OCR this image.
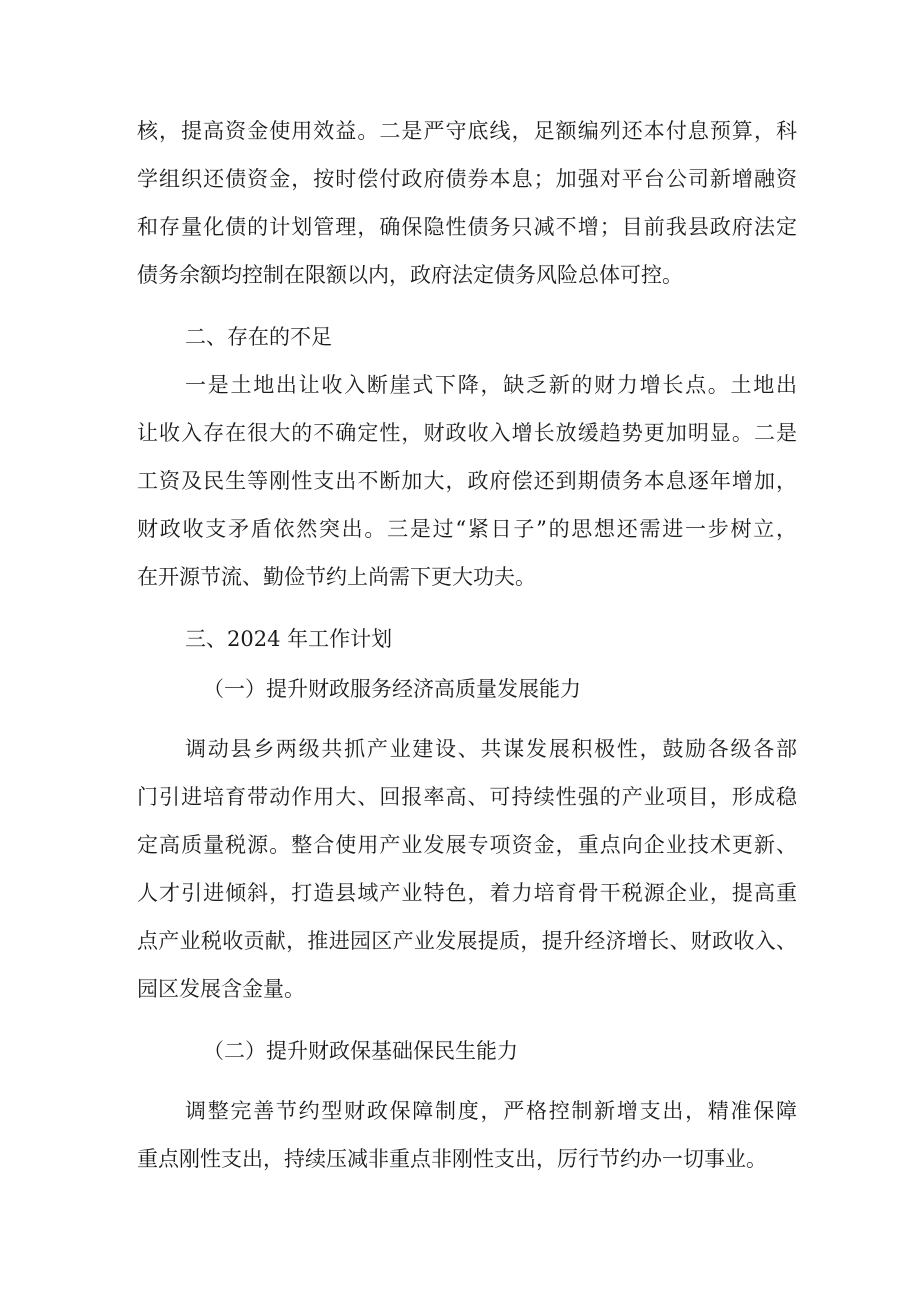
核，提高资金使用效益。二是严守底线，足额编列还本付息预算，科
学组织还债资金，按时偿付政府债券本息；加强对平台公司新增融资
和存量化债的计划管理，确保隐性债务只减不增；目前我县政府法定
债务余额均控制在限额以内，政府法定债务风险总体可控。
二、存在的不足
一是土地出让收入断崖式下降，缺乏新的财力增长点。土地出
让收入存在很大的不确定性，财政收入增长放缓趋势更加明显。二是
工资及民生等刚性支出不断加大，政府偿还到期债务本息逐年增加，
财政收支矛盾依然突出。三是过“紧日子”的思想还需进一步树立，
在开源节流、勤俭节约上尚需下更大功夫。
三、2024 年工作计划
（一）提升财政服务经济高质量发展能力
调动县乡两级共抓产业建设、共谋发展积极性，鼓励各级各部
门引进培育带动作用大、回报率高、可持续性强的产业项目，形成稳
定高质量税源。整合使用产业发展专项资金，重点向企业技术更新、
人才引进倾斜，打造县域产业特色，着力培育骨干税源企业，提高重
点产业税收贡献，推进园区产业发展提质，提升经济增长、财政收入、
园区发展含金量。
（二）提升财政保基础保民生能力
调整完善节约型财政保障制度，严格控制新增支出，精准保障
重点刚性支出，持续压减非重点非刚性支出，厉行节约办一切事业。
